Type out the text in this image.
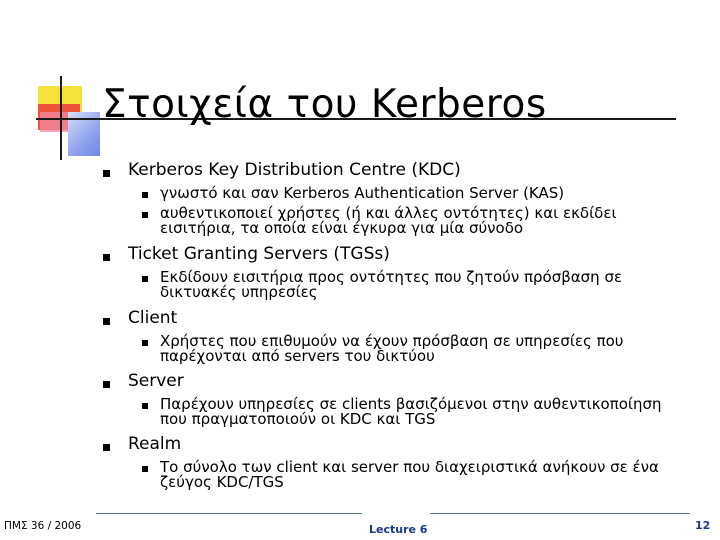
Στοιχεία του Kerberos
Kerberos Key Distribution Centre (KDC)
γνωστό και σαν Kerberos Authentication Server (KAS)
αυθεντικοποιεί χρήστες (ή και άλλες οντότητες) και εκδίδει εισιτήρια, τα οποία είναι έγκυρα για μία σύνοδο
Ticket Granting Servers (TGSs)
Εκδίδουν εισιτήρια προς οντότητες που ζητούν πρόσβαση σε δικτυακές υπηρεσίες
Client
Χρήστες που επιθυμούν να έχουν πρόσβαση σε υπηρεσίες που παρέχονται από servers του δικτύου
Server
Παρέχουν υπηρεσίες σε clients βασιζόμενοι στην αυθεντικοποίηση που πραγματοποιούν οι KDC και TGS
Realm
Το σύνολο των client και server που διαχειριστικά ανήκουν σε ένα ζεύγος KDC/TGS
ΠΜΣ 36 / 2006	Lecture 6	12
